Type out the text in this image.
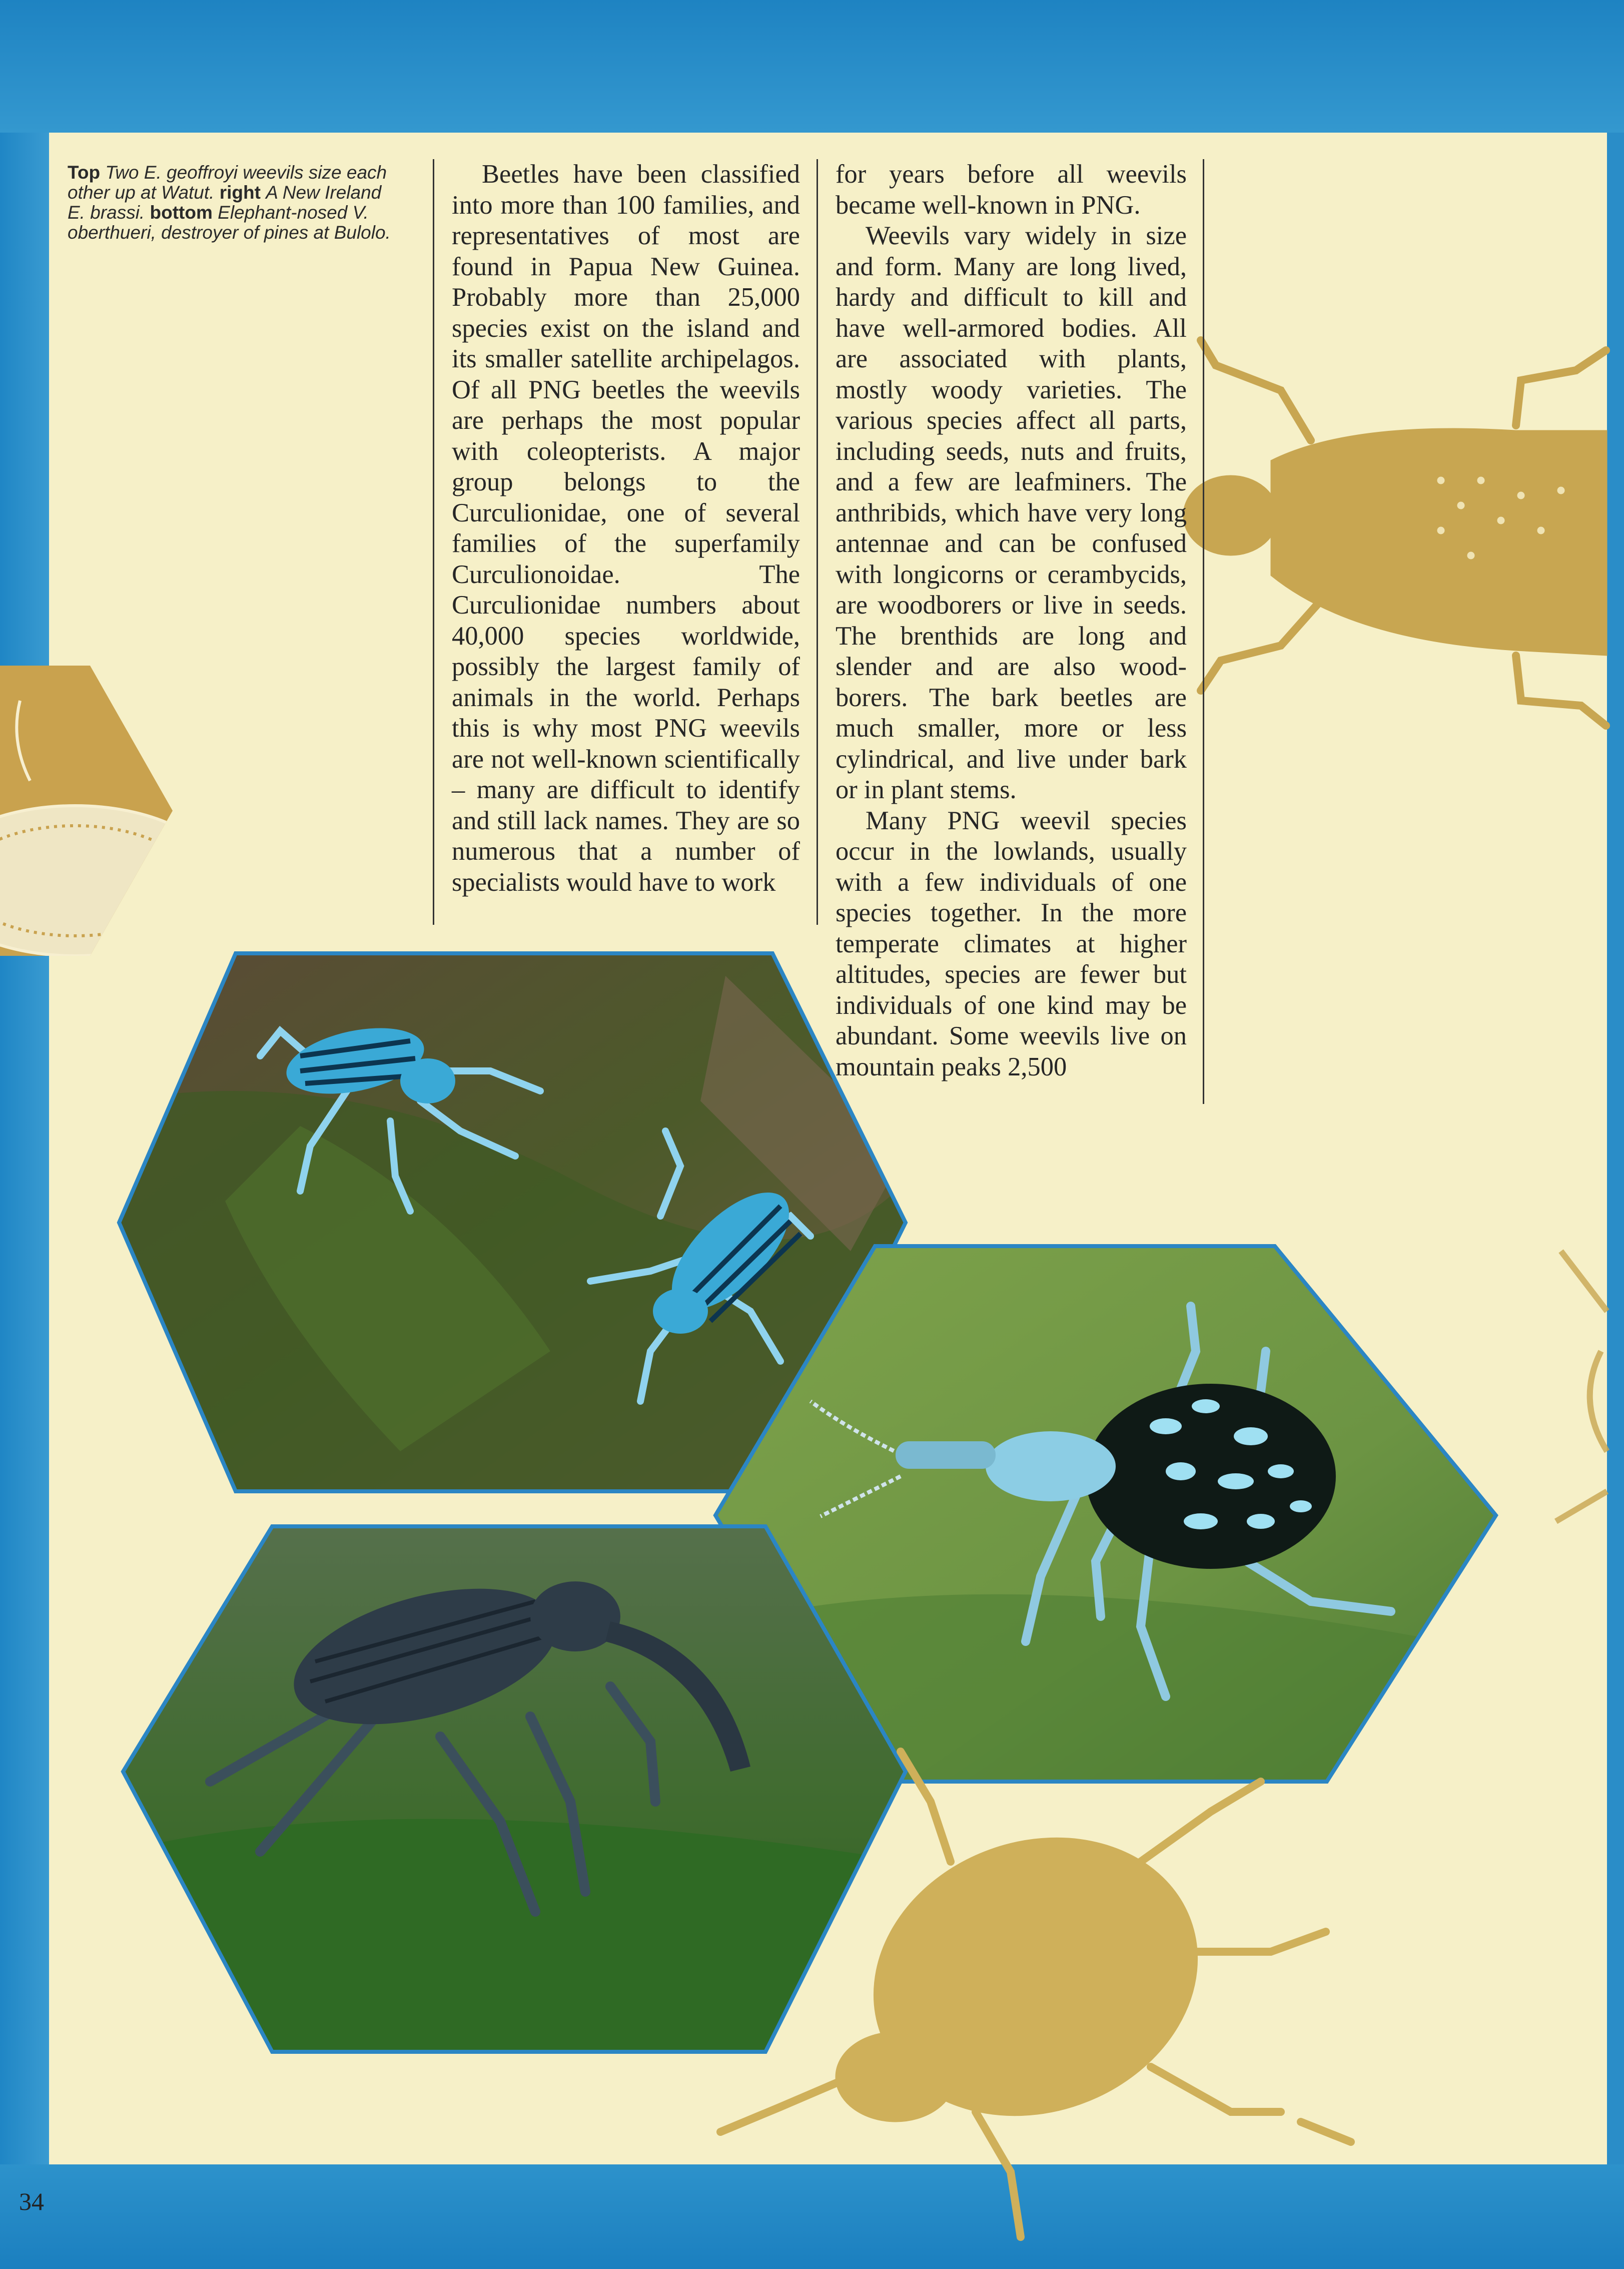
Top Two E. geoffroyi weevils size each other up at Watut. right A New Ireland E. brassi. bottom Elephant-nosed V. oberthueri, destroyer of pines at Bulolo.

Beetles have been classified into more than 100 families, and representatives of most are found in Papua New Guinea. Probably more than 25,000 species exist on the island and its smaller satellite archipelagos. Of all PNG beetles the weevils are perhaps the most popular with coleopterists. A major group belongs to the Curculionidae, one of several families of the superfamily Curculionoidae. The Curculionidae numbers about 40,000 species worldwide, possibly the largest family of animals in the world. Perhaps this is why most PNG weevils are not well-known scientifically – many are difficult to identify and still lack names. They are so numerous that a number of specialists would have to work

for years before all weevils became well-known in PNG.

Weevils vary widely in size and form. Many are long lived, hardy and difficult to kill and have well-armored bodies. All are associated with plants, mostly woody varieties. The various species affect all parts, including seeds, nuts and fruits, and a few are leafminers. The anthribids, which have very long antennae and can be confused with longicorns or cerambycids, are woodborers or live in seeds. The brenthids are long and slender and are also wood-borers. The bark beetles are much smaller, more or less cylindrical, and live under bark or in plant stems.

Many PNG weevil species occur in the lowlands, usually with a few individuals of one species together. In the more temperate climates at higher altitudes, species are fewer but individuals of one kind may be abundant. Some weevils live on mountain peaks 2,500

34
